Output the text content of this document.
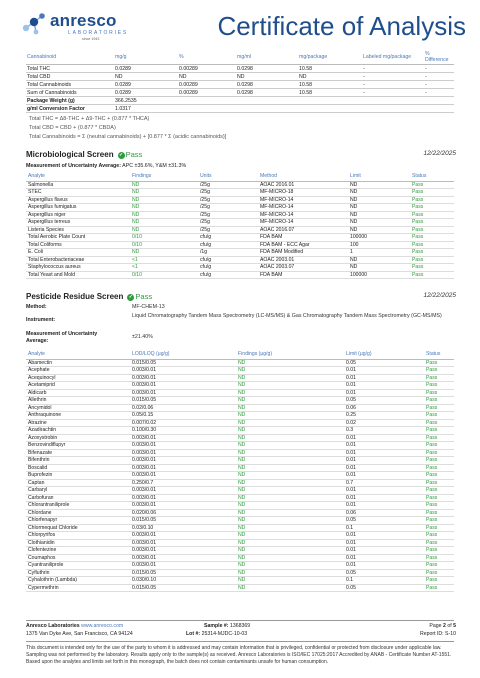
anresco
LABORATORIES
since 1943	Certificate of Analysis
Cannabinoid	mg/g	%	mg/ml	mg/package	Labeled mg/package	% Difference
Total THC	0.0289	0.00289	0.0298	10.58	-	-
Total CBD	ND	ND	ND	ND	-	-
Total Cannabinoids	0.0289	0.00289	0.0298	10.58	-	-
Sum of Cannabinoids	0.0289	0.00289	0.0298	10.58	-	-
Package Weight (g)	366.2535					
g/ml Conversion Factor	1.0317					
Total THC = Δ8-THC + Δ9-THC + (0.877 * THCA)
Total CBD = CBD + (0.877 * CBDA)
Total Cannabinoids = Σ (neutral cannabinoids) + [0.877 * Σ (acidic cannabinoids)]
Microbiological Screen ✓ Pass	12/22/2025
Measurement of Uncertainty Average: APC ±35.6%, Y&M ±31.3%
Analyte	Findings	Units	Method	Limit	Status
Salmonella	ND	/25g	AOAC 2016.01	ND	Pass
STEC	ND	/25g	MF-MICRO-18	ND	Pass
Aspergillus flavus	ND	/25g	MF-MICRO-14	ND	Pass
Aspergillus fumigatus	ND	/25g	MF-MICRO-14	ND	Pass
Aspergillus niger	ND	/25g	MF-MICRO-14	ND	Pass
Aspergillus terreus	ND	/25g	MF-MICRO-14	ND	Pass
Listeria Species	ND	/25g	AOAC 2016.07	ND	Pass
Total Aerobic Plate Count	0/10	cfu/g	FDA BAM	100000	Pass
Total Coliforms	0/10	cfu/g	FDA BAM - ECC Agar	100	Pass
E. Coli	ND	/1g	FDA BAM Modified	1	Pass
Total Enterobacteriaceae	<1	cfu/g	AOAC 2003.01	ND	Pass
Staphylococcus aureus	<1	cfu/g	AOAC 2003.07	ND	Pass
Total Yeast and Mold	0/10	cfu/g	FDA BAM	100000	Pass
Pesticide Residue Screen ✓ Pass	12/22/2025
Method:	MF-CHEM-13
Instrument:
Liquid Chromatography Tandem Mass Spectrometry (LC-MS/MS) & Gas Chromatography Tandem Mass Spectrometry (GC-MS/MS)
Measurement of Uncertainty Average:
±21.40%
Analyte	LOD/LOQ (µg/g)	Findings (µg/g)	Limit (µg/g)	Status
Abamectin	0.015/0.05	ND	0.05	Pass
Acephate	0.003/0.01	ND	0.01	Pass
Acequinocyl	0.003/0.01	ND	0.01	Pass
Acetamiprid	0.003/0.01	ND	0.01	Pass
Aldicarb	0.003/0.01	ND	0.01	Pass
Allethrin	0.015/0.05	ND	0.05	Pass
Ancymidol	0.02/0.06	ND	0.06	Pass
Anthraquinone	0.05/0.15	ND	0.25	Pass
Atrazine	0.007/0.02	ND	0.02	Pass
Azadirachtin	0.100/0.30	ND	0.3	Pass
Azoxystrobin	0.003/0.01	ND	0.01	Pass
Benzovindiflupyr	0.003/0.01	ND	0.01	Pass
Bifenazate	0.003/0.01	ND	0.01	Pass
Bifenthrin	0.003/0.01	ND	0.01	Pass
Boscalid	0.003/0.01	ND	0.01	Pass
Buprofezin	0.003/0.01	ND	0.01	Pass
Captan	0.250/0.7	ND	0.7	Pass
Carbaryl	0.003/0.01	ND	0.01	Pass
Carbofuran	0.003/0.01	ND	0.01	Pass
Chlorantraniliprole	0.003/0.01	ND	0.01	Pass
Chlordane	0.020/0.06	ND	0.06	Pass
Chlorfenapyr	0.015/0.05	ND	0.05	Pass
Chlormequat Chloride	0.03/0.10	ND	0.1	Pass
Chlorpyrifos	0.003/0.01	ND	0.01	Pass
Clothianidin	0.003/0.01	ND	0.01	Pass
Clofentezine	0.003/0.01	ND	0.01	Pass
Coumaphos	0.003/0.01	ND	0.01	Pass
Cyantraniliprole	0.003/0.01	ND	0.01	Pass
Cyfluthrin	0.015/0.05	ND	0.05	Pass
Cyhalothrin (Lambda)	0.030/0.10	ND	0.1	Pass
Cypermethrin	0.015/0.05	ND	0.05	Pass
Anresco Laboratories www.anresco.com
1375 Van Dyke Ave, San Francisco, CA 94124
Sample #: 1368369
Lot #: 25314-MJDC-10-03
Page 2 of 5
Report ID: S-10
This document is intended only for the use of the party to whom it is addressed and may contain information that is privileged, confidential or protected from disclosure under applicable law. Sampling was not performed by the laboratory. Results apply only to the sample(s) as received. Anresco Laboratories is ISO/IEC 17025:2017 Accredited by ANAB - Certificate Number AT-1551. Based upon the analytes and limits set forth in this monograph, the batch does not contain contaminants unsafe for human consumption.
